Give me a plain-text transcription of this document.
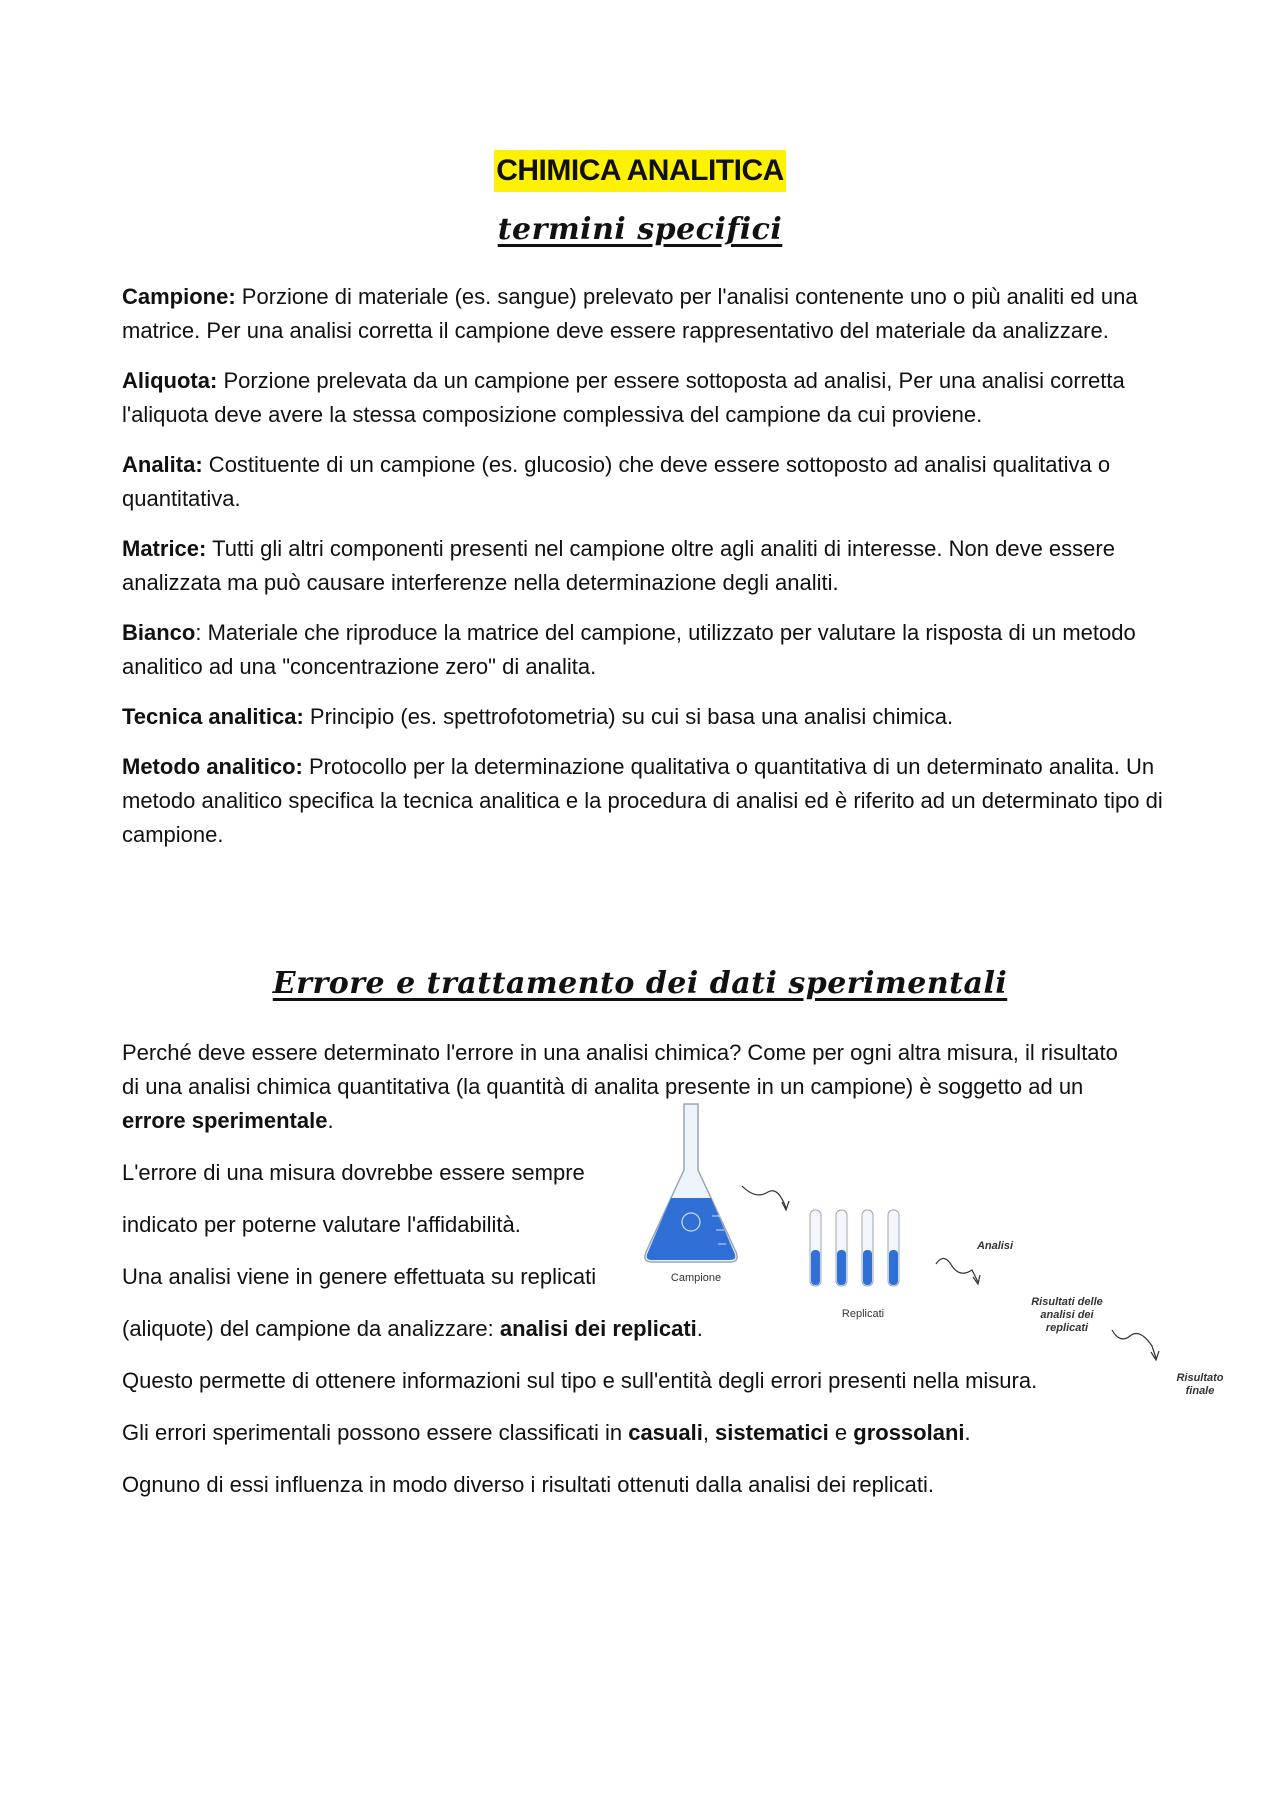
CHIMICA ANALITICA
termini specifici

Campione: Porzione di materiale (es. sangue) prelevato per l'analisi contenente uno o più analiti ed una matrice. Per una analisi corretta il campione deve essere rappresentativo del materiale da analizzare.

Aliquota: Porzione prelevata da un campione per essere sottoposta ad analisi, Per una analisi corretta l'aliquota deve avere la stessa composizione complessiva del campione da cui proviene.

Analita: Costituente di un campione (es. glucosio) che deve essere sottoposto ad analisi qualitativa o quantitativa.

Matrice: Tutti gli altri componenti presenti nel campione oltre agli analiti di interesse. Non deve essere analizzata ma può causare interferenze nella determinazione degli analiti.

Bianco: Materiale che riproduce la matrice del campione, utilizzato per valutare la risposta di un metodo analitico ad una "concentrazione zero" di analita.

Tecnica analitica: Principio (es. spettrofotometria) su cui si basa una analisi chimica.

Metodo analitico: Protocollo per la determinazione qualitativa o quantitativa di un determinato analita. Un metodo analitico specifica la tecnica analitica e la procedura di analisi ed è riferito ad un determinato tipo di campione.

Errore e trattamento dei dati sperimentali

Perché deve essere determinato l'errore in una analisi chimica? Come per ogni altra misura, il risultato di una analisi chimica quantitativa (la quantità di analita presente in un campione) è soggetto ad un errore sperimentale.

L'errore di una misura dovrebbe essere sempre

indicato per poterne valutare l'affidabilità.

Una analisi viene in genere effettuata su replicati

(aliquote) del campione da analizzare: analisi dei replicati.

Questo permette di ottenere informazioni sul tipo e sull'entità degli errori presenti nella misura.

Gli errori sperimentali possono essere classificati in casuali, sistematici e grossolani.

Ognuno di essi influenza in modo diverso i risultati ottenuti dalla analisi dei replicati.

Campione
Replicati
Analisi
Risultati delle
analisi dei
replicati
Risultato
finale
